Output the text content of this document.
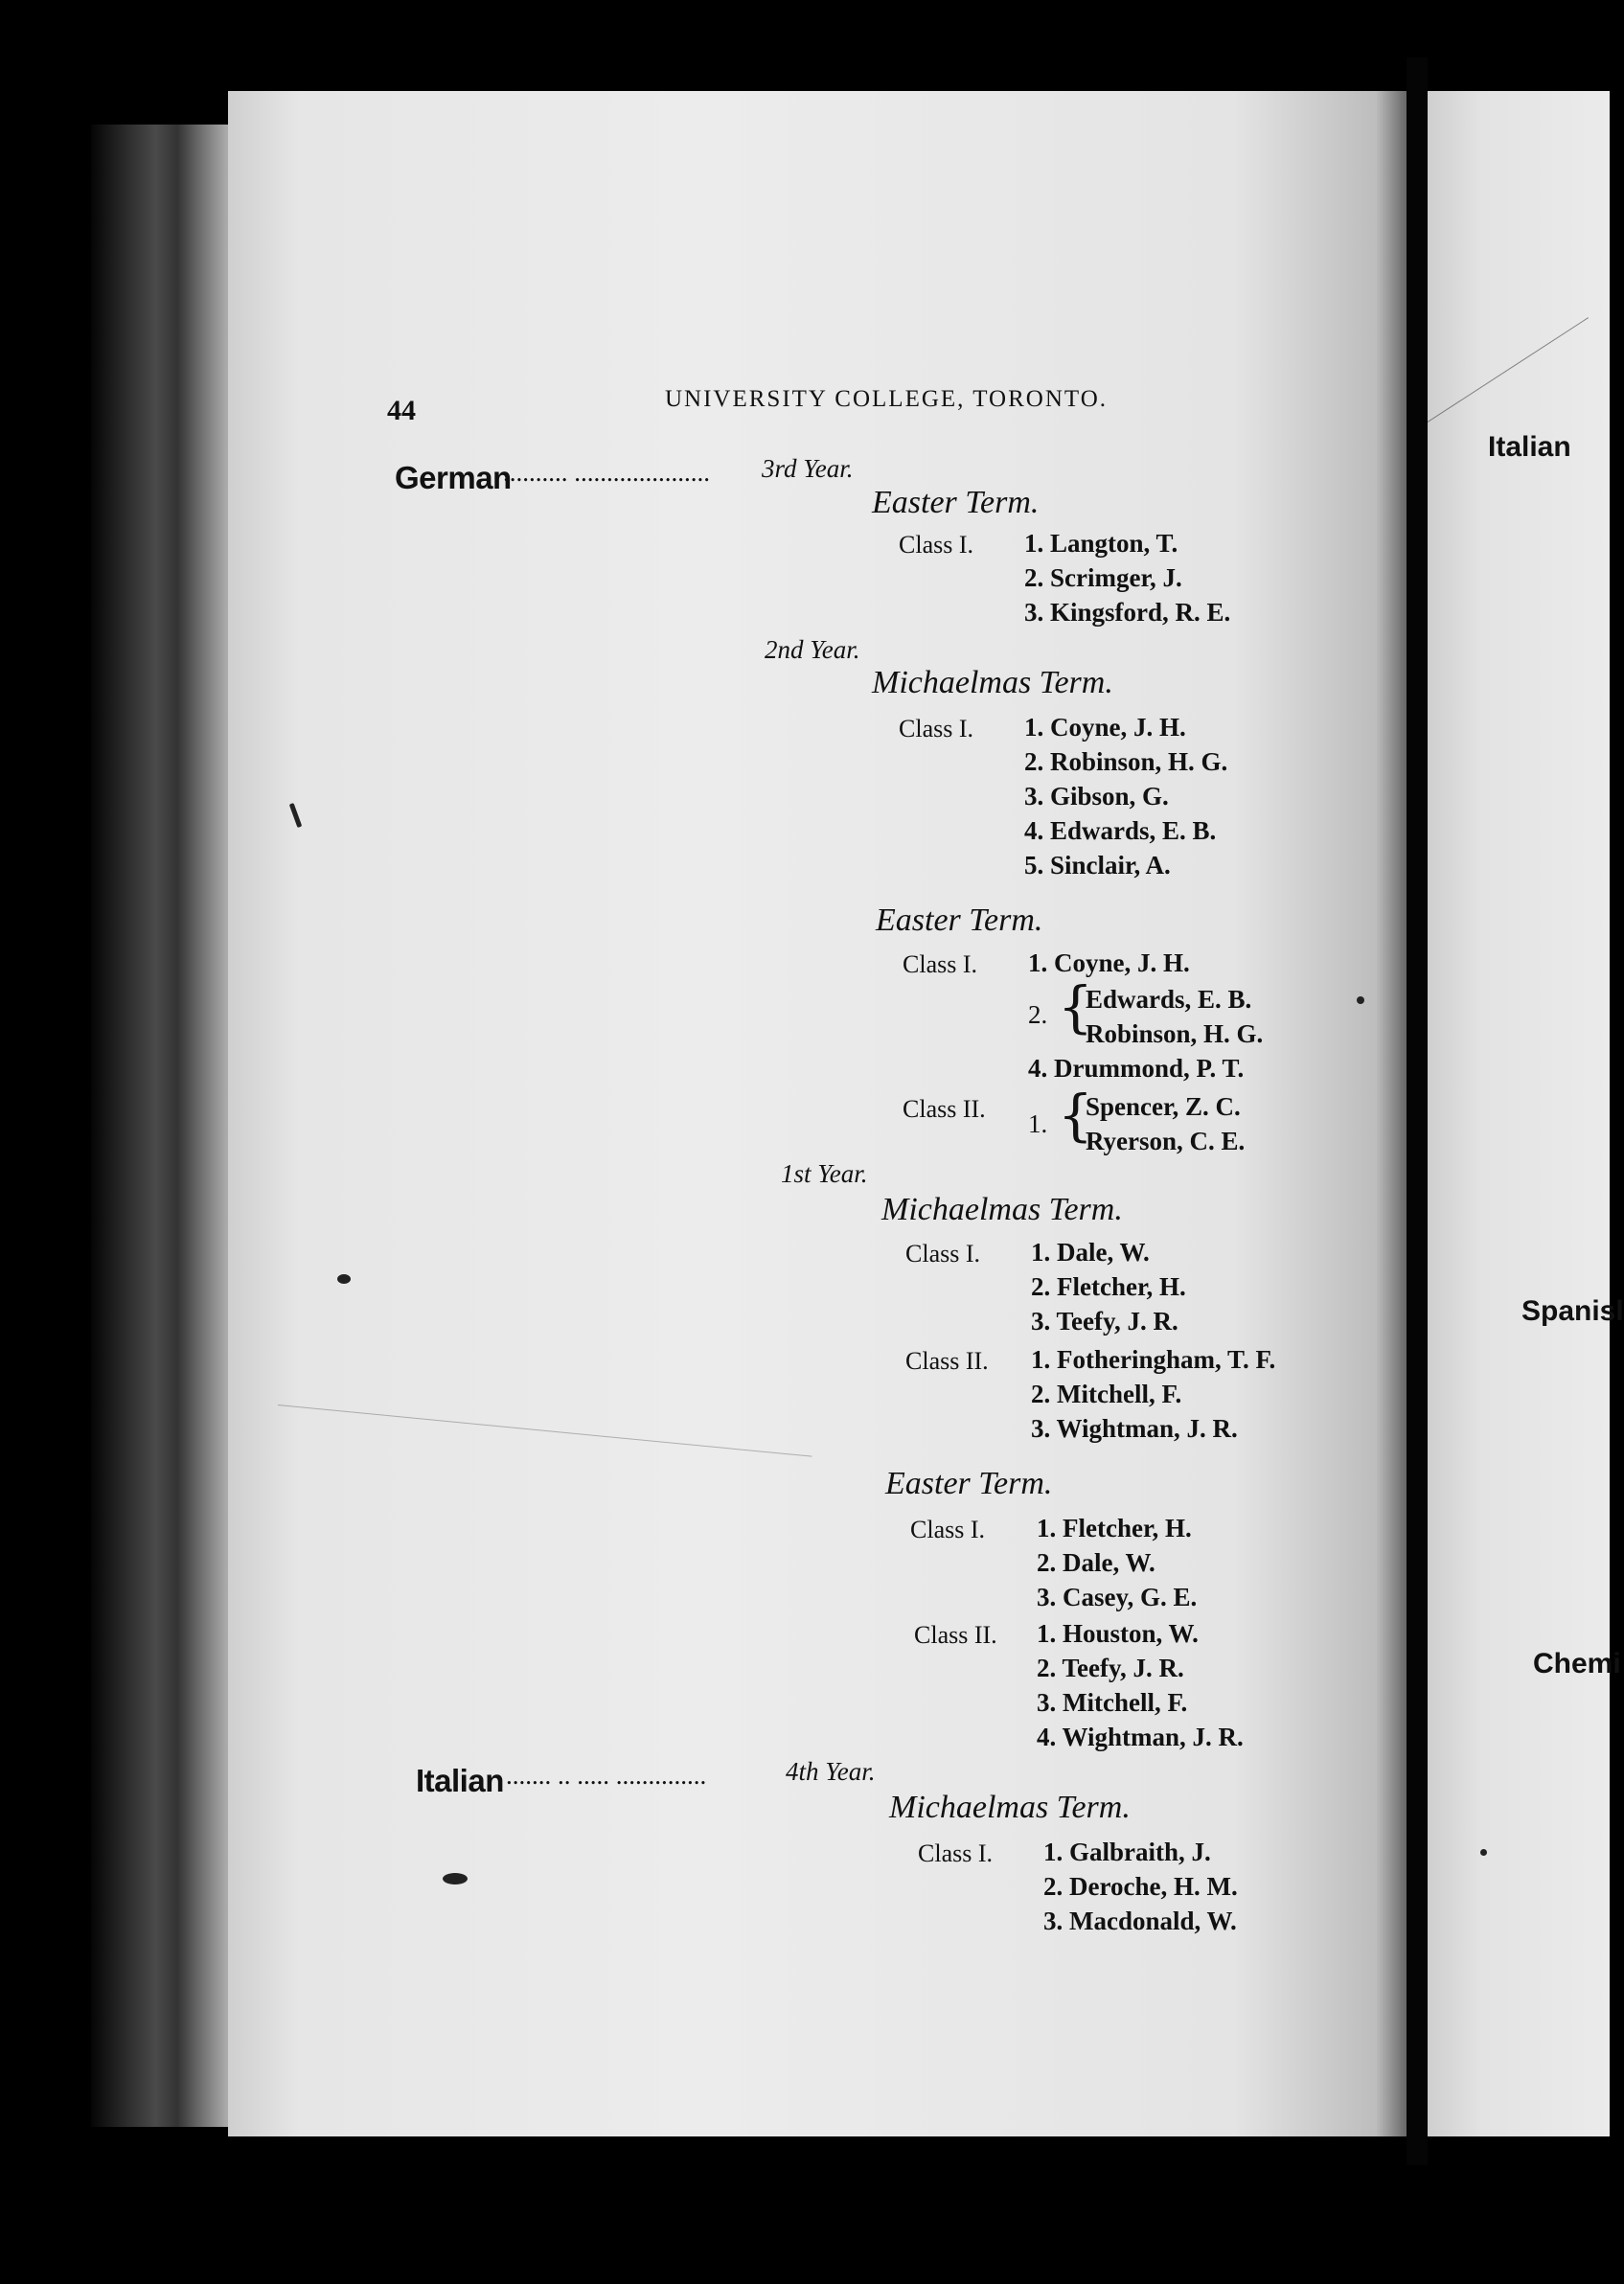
44	UNIVERSITY COLLEGE, TORONTO.
German
.......... ..................... 3rd Year.
Easter Term.
Class I. 1. Langton, T.
2. Scrimger, J.
3. Kingsford, R. E.
2nd Year.
Michaelmas Term.
Class I. 1. Coyne, J. H.
2. Robinson, H. G.
3. Gibson, G.
4. Edwards, E. B.
5. Sinclair, A.
Easter Term.
Class I. 1. Coyne, J. H.
2. {
Edwards, E. B.
Robinson, H. G.
4. Drummond, P. T.
Class II.
1. {
Spencer, Z. C.
Ryerson, C. E.
1st Year.
Michaelmas Term.
Class I. 1. Dale, W.
2. Fletcher, H.
3. Teefy, J. R.
Class II. 1. Fotheringham, T. F.
2. Mitchell, F.
3. Wightman, J. R.
Easter Term.
Class I. 1. Fletcher, H.
2. Dale, W.
3. Casey, G. E.
Class II. 1. Houston, W.
2. Teefy, J. R.
3. Mitchell, F.
4. Wightman, J. R.
Italian ....... .. ..... ..............	4th Year.
Michaelmas Term.
Class I. 1. Galbraith, J.
2. Deroche, H. M.
3. Macdonald, W.
Italian
Spanisl
Chemi
